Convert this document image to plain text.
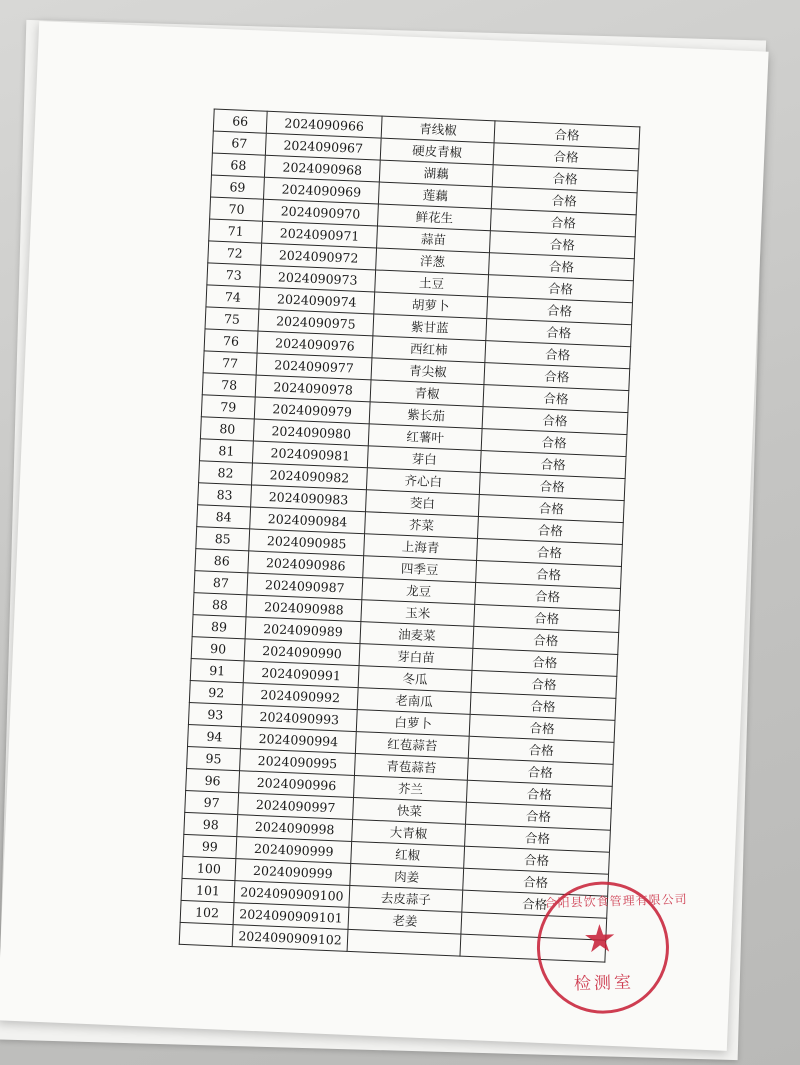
66	2024090966	青线椒	合格
67	2024090967	硬皮青椒	合格
68	2024090968	湖藕	合格
69	2024090969	莲藕	合格
70	2024090970	鲜花生	合格
71	2024090971	蒜苗	合格
72	2024090972	洋葱	合格
73	2024090973	土豆	合格
74	2024090974	胡萝卜	合格
75	2024090975	紫甘蓝	合格
76	2024090976	西红柿	合格
77	2024090977	青尖椒	合格
78	2024090978	青椒	合格
79	2024090979	紫长茄	合格
80	2024090980	红薯叶	合格
81	2024090981	芽白	合格
82	2024090982	齐心白	合格
83	2024090983	茭白	合格
84	2024090984	芥菜	合格
85	2024090985	上海青	合格
86	2024090986	四季豆	合格
87	2024090987	龙豆	合格
88	2024090988	玉米	合格
89	2024090989	油麦菜	合格
90	2024090990	芽白苗	合格
91	2024090991	冬瓜	合格
92	2024090992	老南瓜	合格
93	2024090993	白萝卜	合格
94	2024090994	红苞蒜苔	合格
95	2024090995	青苞蒜苔	合格
96	2024090996	芥兰	合格
97	2024090997	快菜	合格
98	2024090998	大青椒	合格
99	2024090999	红椒	合格
100	2024090999	肉姜	合格
101	2024090909100	去皮蒜子	合格
102	2024090909101	老姜	
	2024090909102		
合阳县饮食管理有限公司
★
检测室
